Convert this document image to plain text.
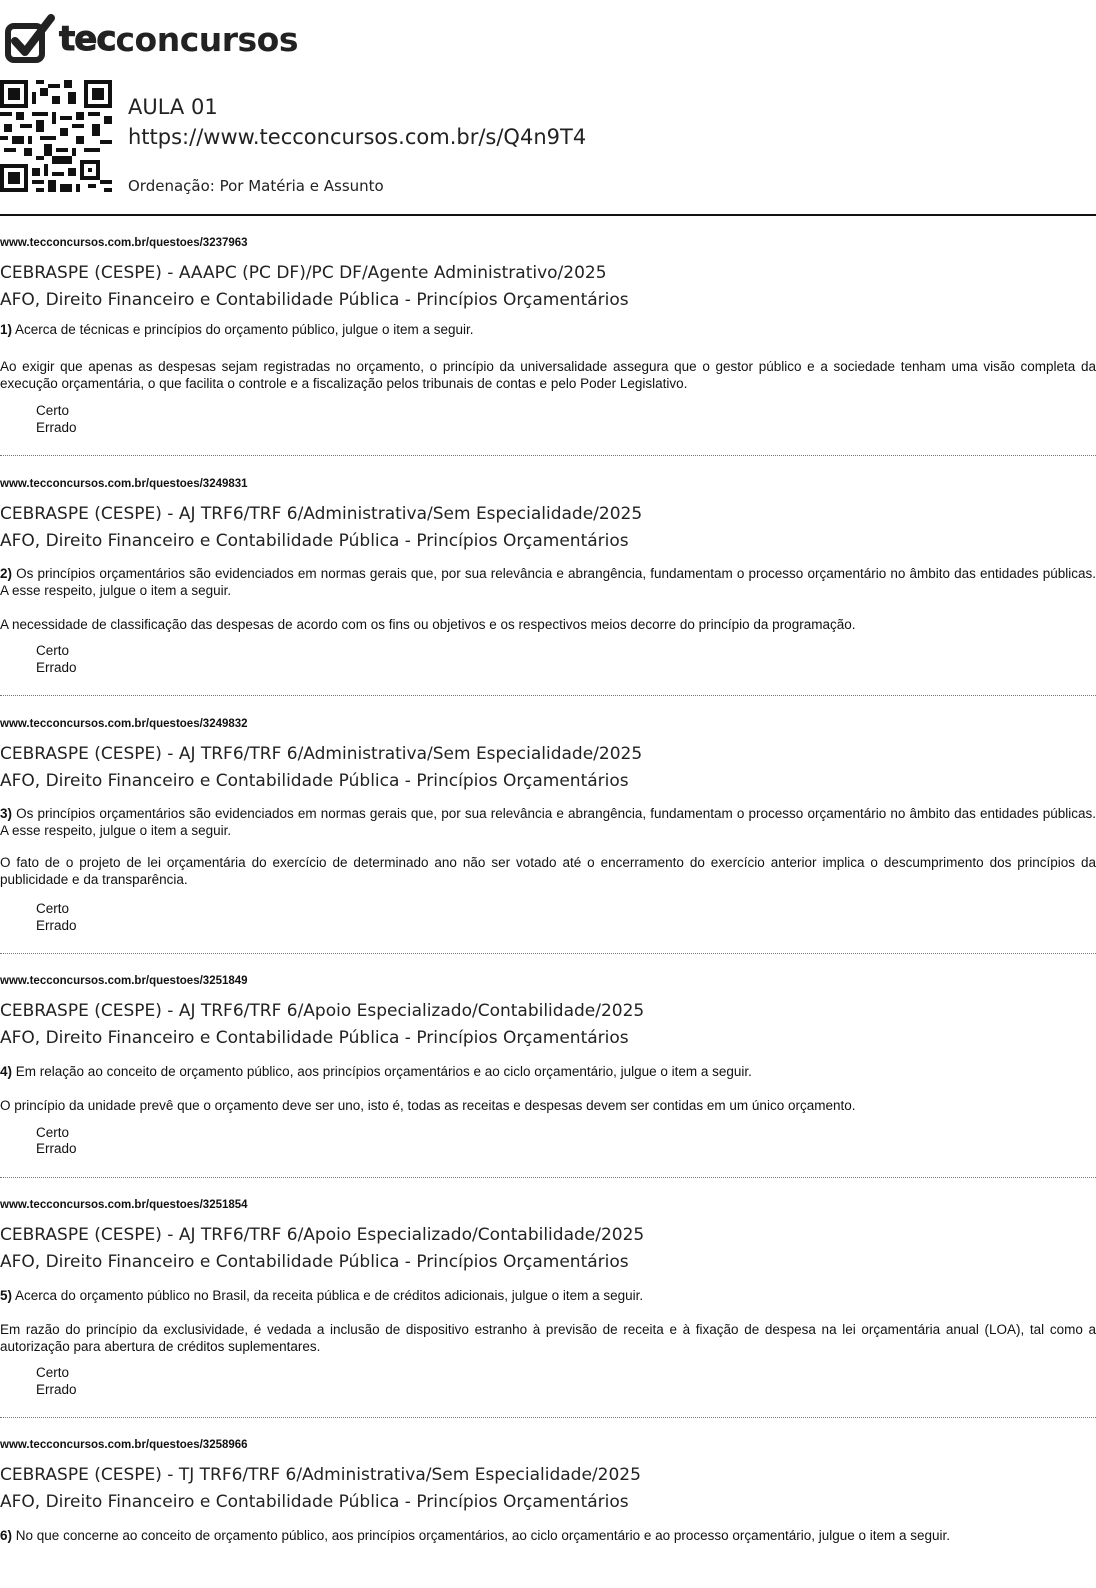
tec concursos
AULA 01
https://www.tecconcursos.com.br/s/Q4n9T4
Ordenação: Por Matéria e Assunto
www.tecconcursos.com.br/questoes/3237963
CEBRASPE (CESPE) - AAAPC (PC DF)/PC DF/Agente Administrativo/2025
AFO, Direito Financeiro e Contabilidade Pública - Princípios Orçamentários
1) Acerca de técnicas e princípios do orçamento público, julgue o item a seguir.
Ao exigir que apenas as despesas sejam registradas no orçamento, o princípio da universalidade assegura que o gestor público e a sociedade tenham uma visão completa da execução orçamentária, o que facilita o controle e a fiscalização pelos tribunais de contas e pelo Poder Legislativo.
Certo
Errado
www.tecconcursos.com.br/questoes/3249831
CEBRASPE (CESPE) - AJ TRF6/TRF 6/Administrativa/Sem Especialidade/2025
AFO, Direito Financeiro e Contabilidade Pública - Princípios Orçamentários
2) Os princípios orçamentários são evidenciados em normas gerais que, por sua relevância e abrangência, fundamentam o processo orçamentário no âmbito das entidades públicas. A esse respeito, julgue o item a seguir.
A necessidade de classificação das despesas de acordo com os fins ou objetivos e os respectivos meios decorre do princípio da programação.
Certo
Errado
www.tecconcursos.com.br/questoes/3249832
CEBRASPE (CESPE) - AJ TRF6/TRF 6/Administrativa/Sem Especialidade/2025
AFO, Direito Financeiro e Contabilidade Pública - Princípios Orçamentários
3) Os princípios orçamentários são evidenciados em normas gerais que, por sua relevância e abrangência, fundamentam o processo orçamentário no âmbito das entidades públicas. A esse respeito, julgue o item a seguir.
O fato de o projeto de lei orçamentária do exercício de determinado ano não ser votado até o encerramento do exercício anterior implica o descumprimento dos princípios da publicidade e da transparência.
Certo
Errado
www.tecconcursos.com.br/questoes/3251849
CEBRASPE (CESPE) - AJ TRF6/TRF 6/Apoio Especializado/Contabilidade/2025
AFO, Direito Financeiro e Contabilidade Pública - Princípios Orçamentários
4) Em relação ao conceito de orçamento público, aos princípios orçamentários e ao ciclo orçamentário, julgue o item a seguir.
O princípio da unidade prevê que o orçamento deve ser uno, isto é, todas as receitas e despesas devem ser contidas em um único orçamento.
Certo
Errado
www.tecconcursos.com.br/questoes/3251854
CEBRASPE (CESPE) - AJ TRF6/TRF 6/Apoio Especializado/Contabilidade/2025
AFO, Direito Financeiro e Contabilidade Pública - Princípios Orçamentários
5) Acerca do orçamento público no Brasil, da receita pública e de créditos adicionais, julgue o item a seguir.
Em razão do princípio da exclusividade, é vedada a inclusão de dispositivo estranho à previsão de receita e à fixação de despesa na lei orçamentária anual (LOA), tal como a autorização para abertura de créditos suplementares.
Certo
Errado
www.tecconcursos.com.br/questoes/3258966
CEBRASPE (CESPE) - TJ TRF6/TRF 6/Administrativa/Sem Especialidade/2025
AFO, Direito Financeiro e Contabilidade Pública - Princípios Orçamentários
6) No que concerne ao conceito de orçamento público, aos princípios orçamentários, ao ciclo orçamentário e ao processo orçamentário, julgue o item a seguir.
